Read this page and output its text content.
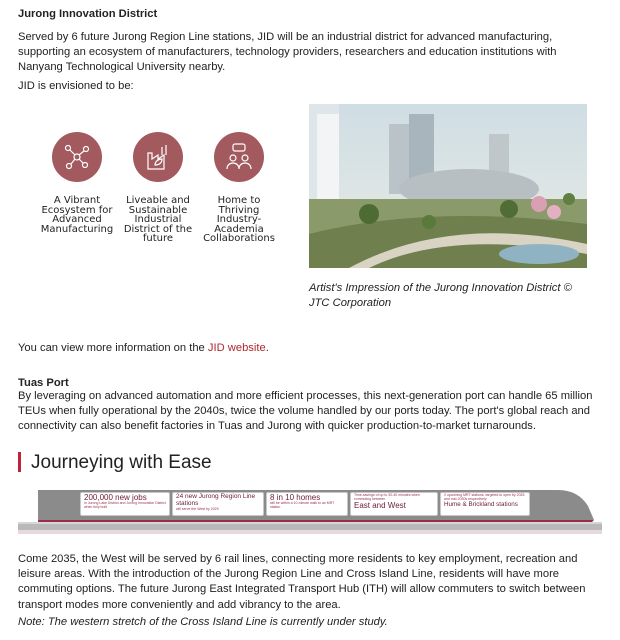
Jurong Innovation District

Served by 6 future Jurong Region Line stations, JID will be an industrial district for advanced manufacturing, supporting an ecosystem of manufacturers, technology providers, researchers and education institutions with Nanyang Technological University nearby.

JID is envisioned to be:

A Vibrant Ecosystem for Advanced Manufacturing
Liveable and Sustainable Industrial District of the future
Home to Thriving Industry-Academia Collaborations

Artist's Impression of the Jurong Innovation District © JTC Corporation

You can view more information on the JID website.

Tuas Port

By leveraging on advanced automation and more efficient processes, this next-generation port can handle 65 million TEUs when fully operational by the 2040s, twice the volume handled by our ports today. The port's global reach and connectivity can also benefit factories in Tuas and Jurong with quicker production-to-market turnarounds.

Journeying with Ease
200,000 new jobs
in Jurong Lake District and Jurong Innovation District when fully built
24 new Jurong Region Line stations
will serve the West by 2029
8 in 10 homes
will be within a 10-minute walk to an MRT station
Time-savings of up to 30-40 minutes when commuting between
East and West
2 upcoming MRT stations: targeted to open by 2025 and mid-2030s respectively
Hume & Brickland stations

Come 2035, the West will be served by 6 rail lines, connecting more residents to key employment, recreation and leisure areas. With the introduction of the Jurong Region Line and Cross Island Line, residents will have more commuting options. The future Jurong East Integrated Transport Hub (ITH) will allow commuters to switch between transport modes more conveniently and add vibrancy to the area.

Note: The western stretch of the Cross Island Line is currently under study.
